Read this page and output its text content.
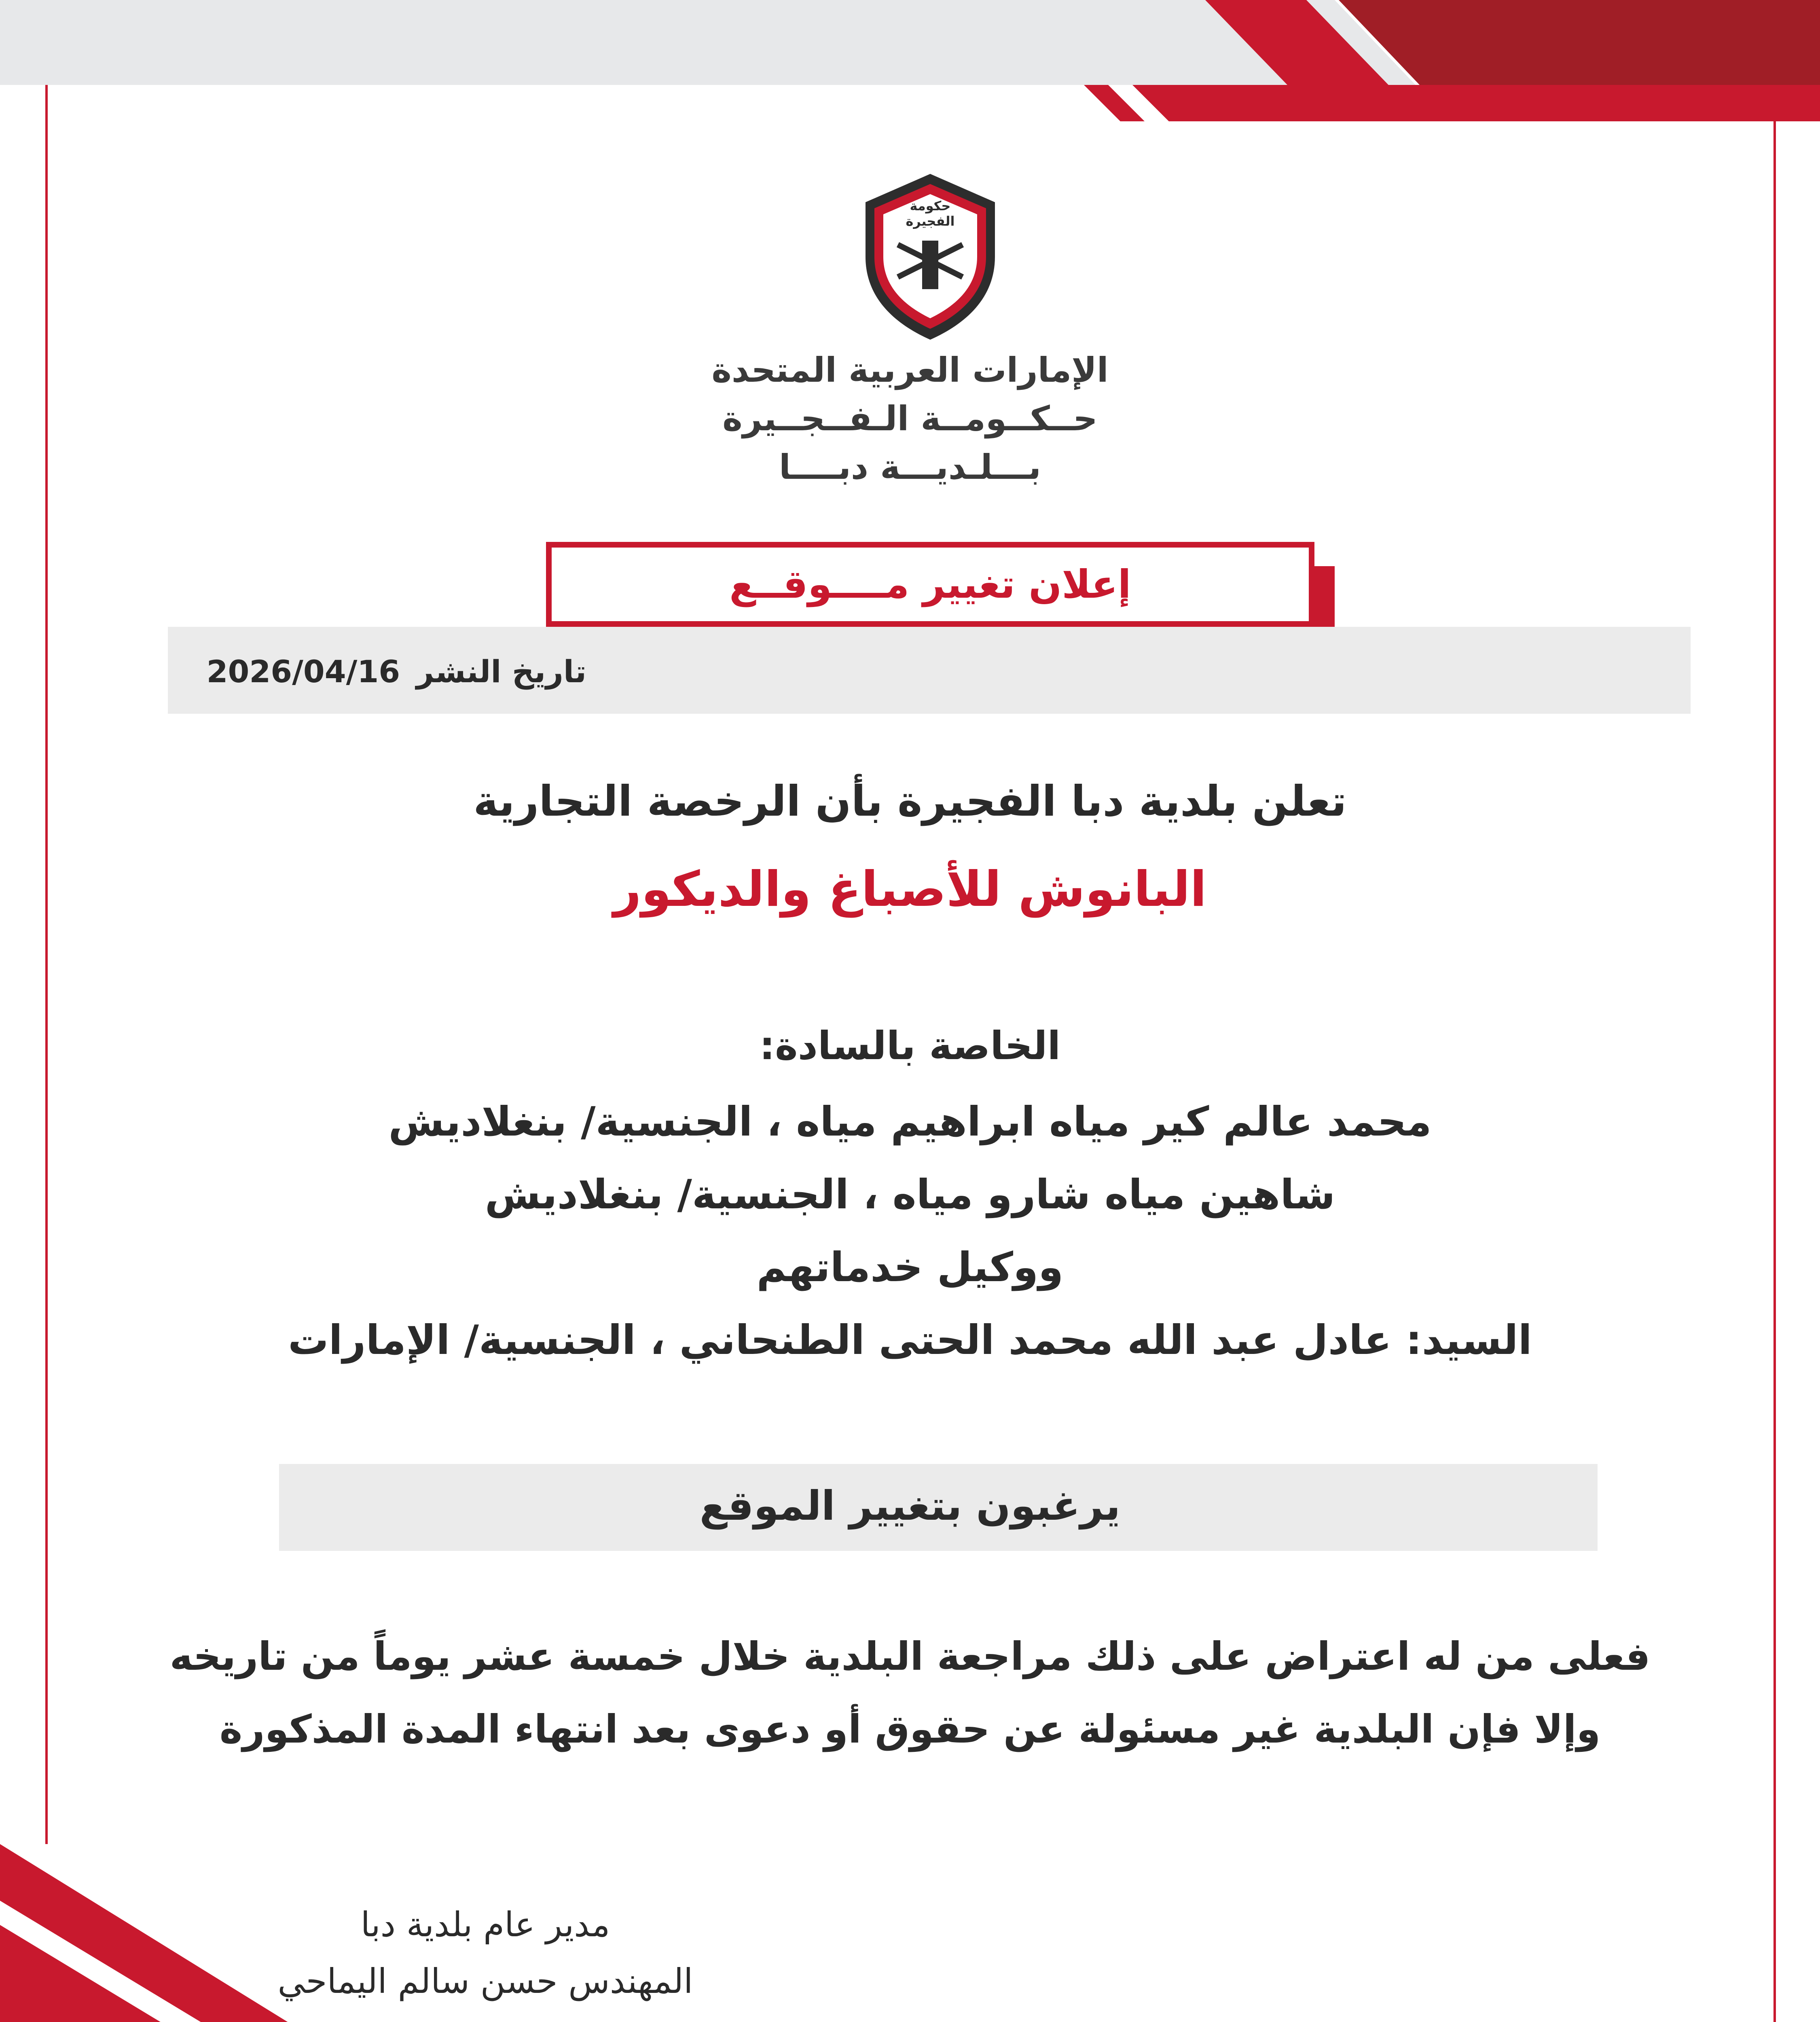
حكومة الفجيرة
الإمارات العربية المتحدة
حــكــومــة الـفــجــيرة
بـــلـديـــة دبــــا
إعلان تغيير مــــوقــع
تاريخ النشر
2026/04/16
تعلن بلدية دبا الفجيرة بأن الرخصة التجارية
البانوش للأصباغ والديكور
الخاصة بالسادة:
محمد عالم كير مياه ابراهيم مياه ، الجنسية/ بنغلاديش
شاهين مياه شارو مياه ، الجنسية/ بنغلاديش
ووكيل خدماتهم
السيد: عادل عبد الله محمد الحتى الطنحاني ، الجنسية/ الإمارات
يرغبون بتغيير الموقع
فعلى من له اعتراض على ذلك مراجعة البلدية خلال خمسة عشر يوماً من تاريخه
وإلا فإن البلدية غير مسئولة عن حقوق أو دعوى بعد انتهاء المدة المذكورة
مدير عام بلدية دبا
المهندس حسن سالم اليماحي
